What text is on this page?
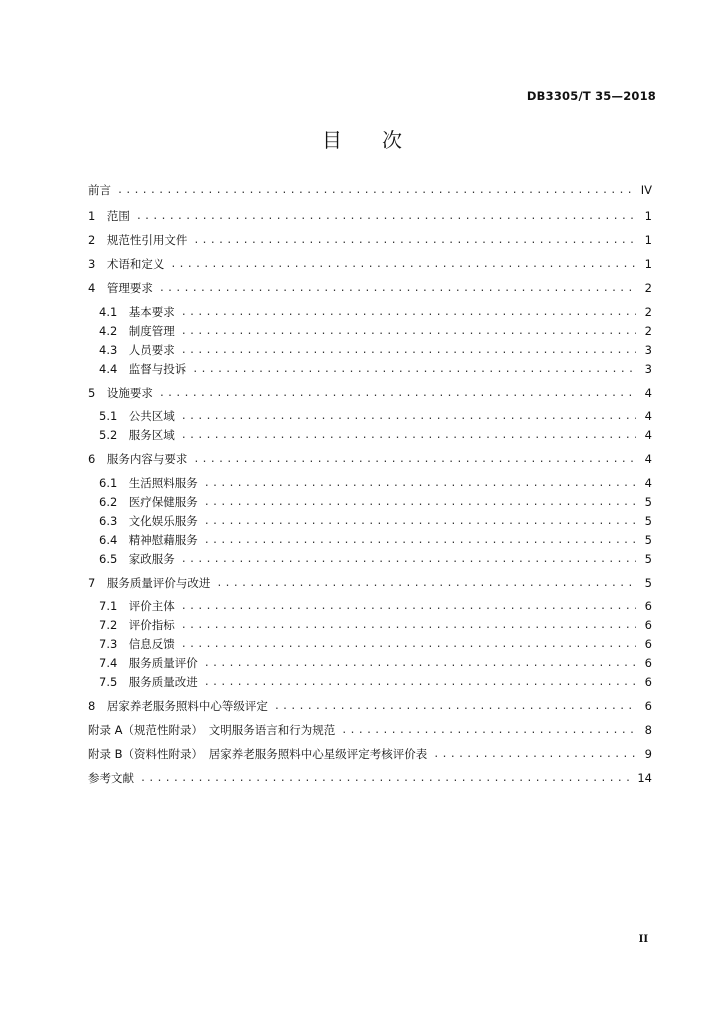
DB3305/T 35—2018
目 次
前言 .....	IV
1　范围 .....	1
2　规范性引用文件 .....	1
3　术语和定义 .....	1
4　管理要求 .....	2
4.1　基本要求 .....	2
4.2　制度管理 .....	2
4.3　人员要求 .....	3
4.4　监督与投诉 .....	3
5　设施要求 .....	4
5.1　公共区域 .....	4
5.2　服务区域 .....	4
6　服务内容与要求 .....	4
6.1　生活照料服务 .....	4
6.2　医疗保健服务 .....	5
6.3　文化娱乐服务 .....	5
6.4　精神慰藉服务 .....	5
6.5　家政服务 .....	5
7　服务质量评价与改进 .....	5
7.1　评价主体 .....	6
7.2　评价指标 .....	6
7.3　信息反馈 .....	6
7.4　服务质量评价 .....	6
7.5　服务质量改进 .....	6
8　居家养老服务照料中心等级评定 .....	6
附录 A（规范性附录）　文明服务语言和行为规范 .....	8
附录 B（资料性附录）　居家养老服务照料中心星级评定考核评价表 .....	9
参考文献 .....	14
II
